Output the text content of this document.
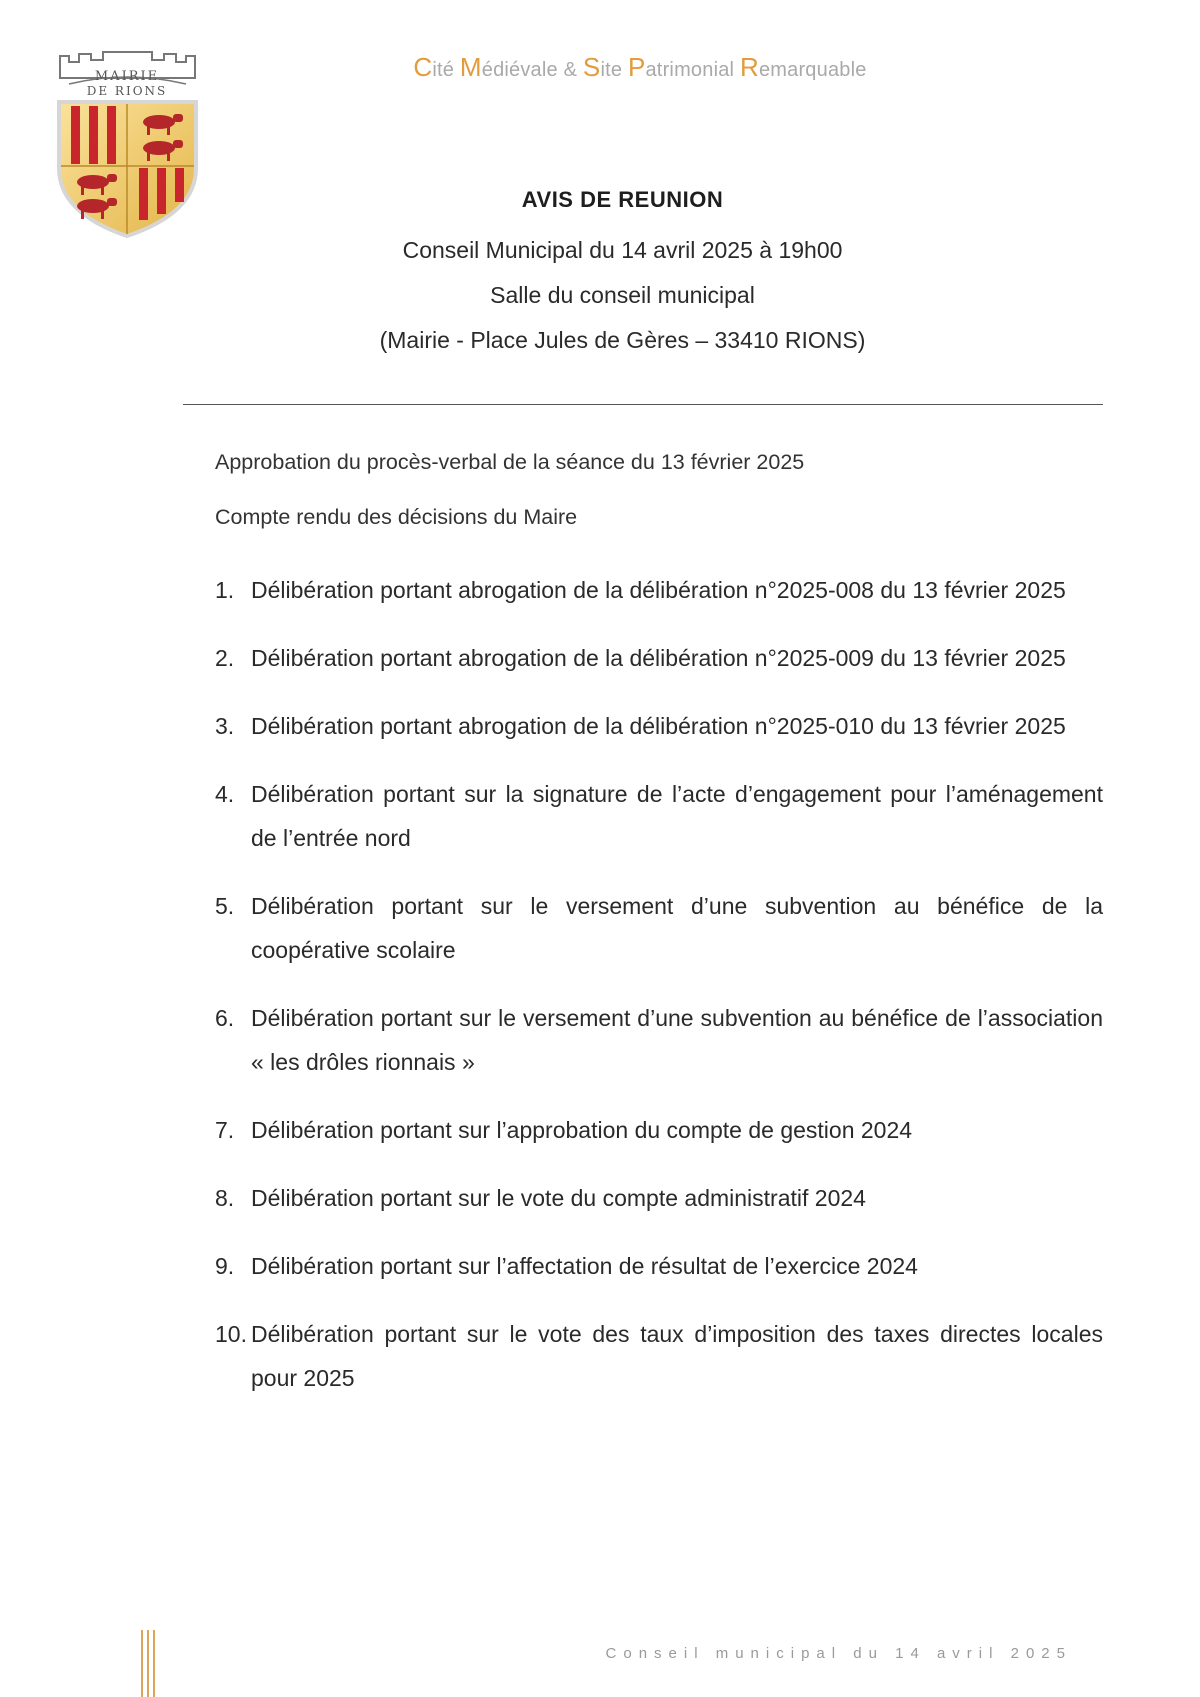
MAIRIE
DE RIONS
Cité Médiévale & Site Patrimonial Remarquable
AVIS DE REUNION
Conseil Municipal du 14 avril 2025 à 19h00
Salle du conseil municipal
(Mairie - Place Jules de Gères – 33410 RIONS)
Approbation du procès-verbal de la séance du 13 février 2025
Compte rendu des décisions du Maire
1. Délibération portant abrogation de la délibération n°2025-008 du 13 février 2025
2. Délibération portant abrogation de la délibération n°2025-009 du 13 février 2025
3. Délibération portant abrogation de la délibération n°2025-010 du 13 février 2025
4. Délibération portant sur la signature de l’acte d’engagement pour l’aménagement de l’entrée nord
5. Délibération portant sur le versement d’une subvention au bénéfice de la coopérative scolaire
6. Délibération portant sur le versement d’une subvention au bénéfice de l’association « les drôles rionnais »
7. Délibération portant sur l’approbation du compte de gestion 2024
8. Délibération portant sur le vote du compte administratif 2024
9. Délibération portant sur l’affectation de résultat de l’exercice 2024
10. Délibération portant sur le vote des taux d’imposition des taxes directes locales pour 2025
Conseil municipal du 14 avril 2025
